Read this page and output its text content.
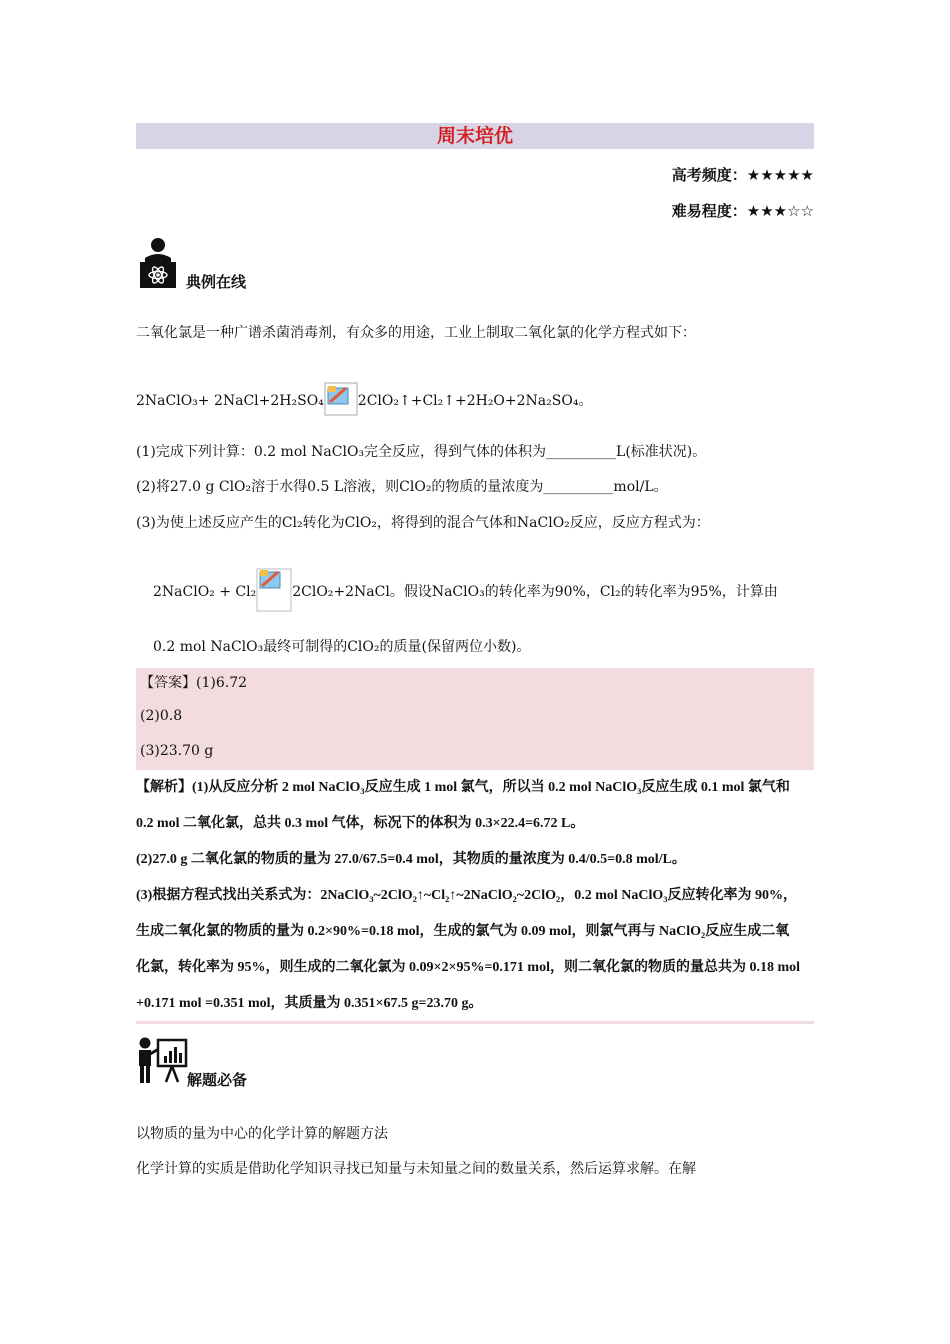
周末培优
高考频度：★★★★★
难易程度：★★★☆☆
典例在线
二氧化氯是一种广谱杀菌消毒剂，有众多的用途，工业上制取二氧化氯的化学方程式如下：
2NaClO₃+ 2NaCl+2H₂SO₄ 2ClO₂↑+Cl₂↑+2H₂O+2Na₂SO₄。
(1)完成下列计算：0.2 mol NaClO₃完全反应，得到气体的体积为__________L(标准状况)。
(2)将27.0 g ClO₂溶于水得0.5 L溶液，则ClO₂的物质的量浓度为__________mol/L。
(3)为使上述反应产生的Cl₂转化为ClO₂，将得到的混合气体和NaClO₂反应，反应方程式为：
2NaClO₂ + Cl₂	2ClO₂+2NaCl。假设NaClO₃的转化率为90%，Cl₂的转化率为95%，计算由
0.2 mol NaClO₃最终可制得的ClO₂的质量(保留两位小数)。
【答案】(1)6.72
(2)0.8
(3)23.70 g

【解析】(1)从反应分析 2 mol NaClO₃反应生成 1 mol 氯气，所以当 0.2 mol NaClO₃反应生成 0.1 mol 氯气和

0.2 mol 二氧化氯，总共 0.3 mol 气体，标况下的体积为 0.3×22.4=6.72 L。

(2)27.0 g 二氧化氯的物质的量为 27.0/67.5=0.4 mol，其物质的量浓度为 0.4/0.5=0.8 mol/L。

(3)根据方程式找出关系式为：2NaClO₃~2ClO₂↑~Cl₂↑~2NaClO₂~2ClO₂，0.2 mol NaClO₃反应转化率为 90%，

生成二氧化氯的物质的量为 0.2×90%=0.18 mol，生成的氯气为 0.09 mol，则氯气再与 NaClO₂反应生成二氧

化氯，转化率为 95%，则生成的二氧化氯为 0.09×2×95%=0.171 mol，则二氧化氯的物质的量总共为 0.18 mol

+0.171 mol =0.351 mol，其质量为 0.351×67.5 g=23.70 g。

解题必备
以物质的量为中心的化学计算的解题方法
化学计算的实质是借助化学知识寻找已知量与未知量之间的数量关系，然后运算求解。在解
